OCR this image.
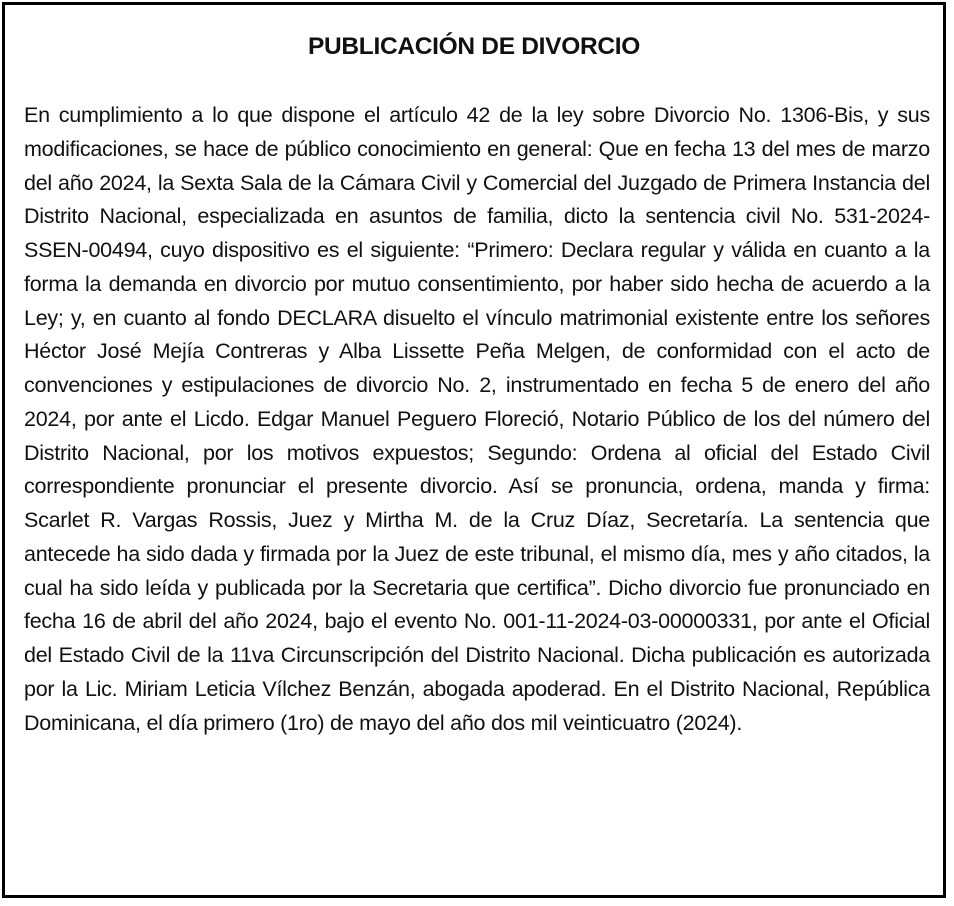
PUBLICACIÓN DE DIVORCIO

En cumplimiento a lo que dispone el artículo 42 de la ley sobre Divorcio No. 1306-Bis, y sus modificaciones, se hace de público conocimiento en general: Que en fecha 13 del mes de marzo del año 2024, la Sexta Sala de la Cámara Civil y Comercial del Juzgado de Primera Instancia del Distrito Nacional, especializada en asuntos de familia, dicto la sentencia civil No. 531-2024-SSEN-00494, cuyo dispositivo es el siguiente: “Primero: Declara regular y válida en cuanto a la forma la demanda en divorcio por mutuo consentimiento, por haber sido hecha de acuerdo a la Ley; y, en cuanto al fondo DECLARA disuelto el vínculo matrimonial existente entre los señores Héctor José Mejía Contreras y Alba Lissette Peña Melgen, de conformidad con el acto de convenciones y estipulaciones de divorcio No. 2, instrumentado en fecha 5 de enero del año 2024, por ante el Licdo. Edgar Manuel Peguero Floreció, Notario Público de los del número del Distrito Nacional, por los motivos expuestos; Segundo: Ordena al oficial del Estado Civil correspondiente pronunciar el presente divorcio. Así se pronuncia, ordena, manda y firma: Scarlet R. Vargas Rossis, Juez y Mirtha M. de la Cruz Díaz, Secretaría. La sentencia que antecede ha sido dada y firmada por la Juez de este tribunal, el mismo día, mes y año citados, la cual ha sido leída y publicada por la Secretaria que certifica”. Dicho divorcio fue pronunciado en fecha 16 de abril del año 2024, bajo el evento No. 001-11-2024-03-00000331, por ante el Oficial del Estado Civil de la 11va Circunscripción del Distrito Nacional. Dicha publicación es autorizada por la Lic. Miriam Leticia Vílchez Benzán, abogada apoderad. En el Distrito Nacional, República Dominicana, el día primero (1ro) de mayo del año dos mil veinticuatro (2024).
